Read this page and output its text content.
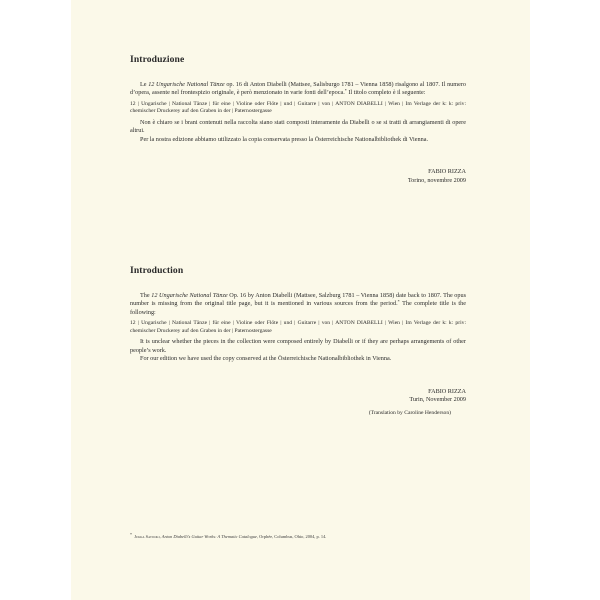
Introduzione

Le 12 Ungarische National Tänze op. 16 di Anton Diabelli (Mattsee, Salisburgo 1781 – Vienna 1858) risalgono al 1807. Il numero d’opera, assente nel frontespizio originale, è però menzionato in varie fonti dell’epoca.* Il titolo completo è il seguente:

12 | Ungarische | National Tänze | für eine | Violine oder Flöte | und | Guitarre | von | ANTON DIABELLI | Wien | Im Verlage der k: k: priv: chemischer Druckerey auf den Graben in der | Paternostergasse

Non è chiaro se i brani contenuti nella raccolta siano stati composti interamente da Diabelli o se si tratti di arrangiamenti di opere altrui.

Per la nostra edizione abbiamo utilizzato la copia conservata presso la Österreichische Nationalbibliothek di Vienna.

FABIO RIZZA
Torino, novembre 2009
Introduction

The 12 Ungarische National Tänze Op. 16 by Anton Diabelli (Mattsee, Salzburg 1781 – Vienna 1858) date back to 1807. The opus number is missing from the original title page, but it is mentioned in various sources from the period.* The complete title is the following:

12 | Ungarische | National Tänze | für eine | Violine oder Flöte | und | Guitarre | von | ANTON DIABELLI | Wien | Im Verlage der k: k: priv: chemischer Druckerey auf den Graben in der | Paternostergasse

It is unclear whether the pieces in the collection were composed entirely by Diabelli or if they are perhaps arrangements of other people’s work.

For our edition we have used the copy conserved at the Österreichische Nationalbibliothek in Vienna.

FABIO RIZZA
Turin, November 2009
(Translation by Caroline Henderson)
* Jukka Savijoki, Anton Diabelli’s Guitar Works: A Thematic Catalogue, Orphée, Columbus, Ohio, 2004, p. 14.
